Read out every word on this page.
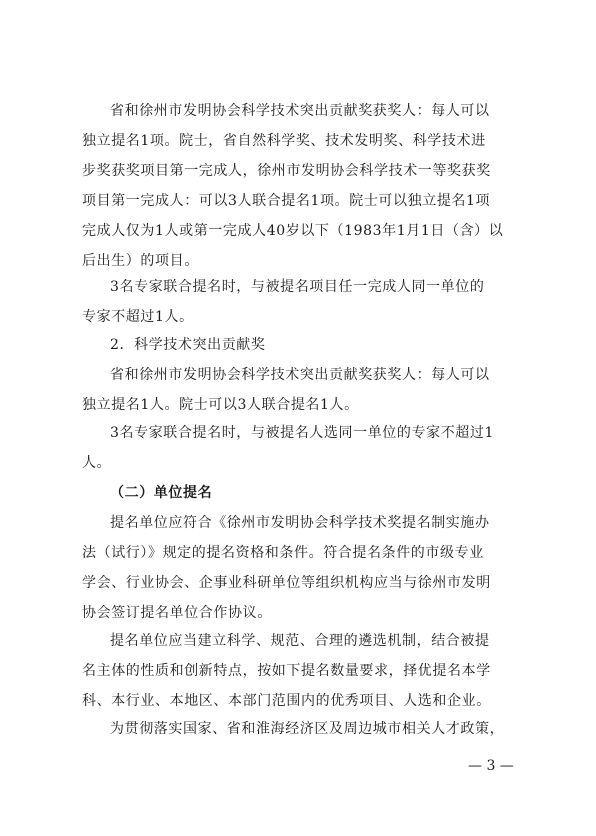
省和徐州市发明协会科学技术突出贡献奖获奖人：每人可以
独立提名1项。院士，省自然科学奖、技术发明奖、科学技术进
步奖获奖项目第一完成人，徐州市发明协会科学技术一等奖获奖
项目第一完成人：可以3人联合提名1项。院士可以独立提名1项
完成人仅为1人或第一完成人40岁以下（1983年1月1日（含）以
后出生）的项目。
3名专家联合提名时，与被提名项目任一完成人同一单位的
专家不超过1人。
2．科学技术突出贡献奖
省和徐州市发明协会科学技术突出贡献奖获奖人：每人可以
独立提名1人。院士可以3人联合提名1人。
3名专家联合提名时，与被提名人选同一单位的专家不超过1
人。
（二）单位提名
提名单位应符合《徐州市发明协会科学技术奖提名制实施办
法（试行）》规定的提名资格和条件。符合提名条件的市级专业
学会、行业协会、企事业科研单位等组织机构应当与徐州市发明
协会签订提名单位合作协议。
提名单位应当建立科学、规范、合理的遴选机制，结合被提
名主体的性质和创新特点，按如下提名数量要求，择优提名本学
科、本行业、本地区、本部门范围内的优秀项目、人选和企业。
为贯彻落实国家、省和淮海经济区及周边城市相关人才政策，
— 3 —
